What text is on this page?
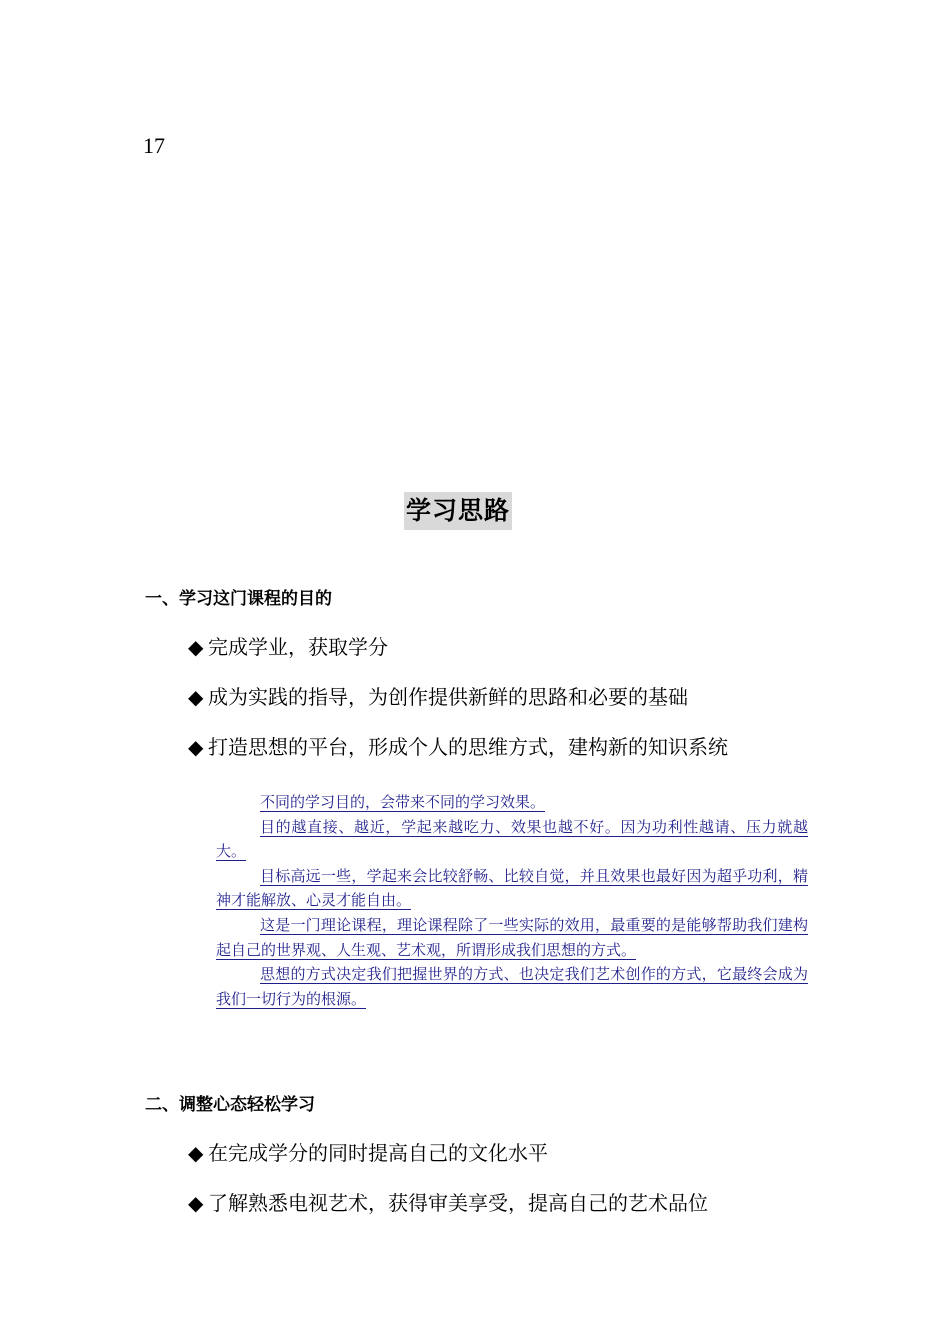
17
学习思路
一、学习这门课程的目的
◆ 完成学业，获取学分
◆ 成为实践的指导，为创作提供新鲜的思路和必要的基础
◆ 打造思想的平台，形成个人的思维方式，建构新的知识系统

不同的学习目的，会带来不同的学习效果。

目的越直接、越近，学起来越吃力、效果也越不好。因为功利性越请、压力就越大。

目标高远一些，学起来会比较舒畅、比较自觉，并且效果也最好因为超乎功利，精神才能解放、心灵才能自由。

这是一门理论课程，理论课程除了一些实际的效用，最重要的是能够帮助我们建构起自己的世界观、人生观、艺术观，所谓形成我们思想的方式。

思想的方式决定我们把握世界的方式、也决定我们艺术创作的方式，它最终会成为我们一切行为的根源。

二、调整心态轻松学习
◆ 在完成学分的同时提高自己的文化水平
◆ 了解熟悉电视艺术，获得审美享受，提高自己的艺术品位
